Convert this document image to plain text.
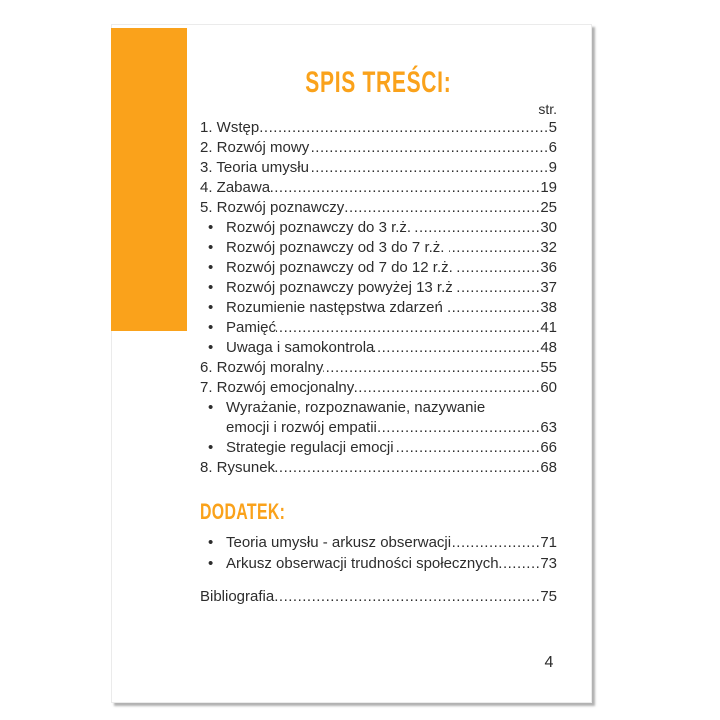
SPIS TREŚCI:
str.
1. Wstęp .....	5
2. Rozwój mowy .....	6
3. Teoria umysłu .....	9
4. Zabawa .....	19
5. Rozwój poznawczy .....	25
• Rozwój poznawczy do 3 r.ż. .....	30
• Rozwój poznawczy od 3 do 7 r.ż. .....	32
• Rozwój poznawczy od 7 do 12 r.ż. .....	36
• Rozwój poznawczy powyżej 13 r.ż .....	37
• Rozumienie następstwa zdarzeń .....	38
• Pamięć .....	41
• Uwaga i samokontrola .....	48
6. Rozwój moralny .....	55
7. Rozwój emocjonalny .....	60
• Wyrażanie, rozpoznawanie, nazywanie
emocji i rozwój empatii .....	63
• Strategie regulacji emocji .....	66
8. Rysunek .....	68
DODATEK:
• Teoria umysłu - arkusz obserwacji .....	71
• Arkusz obserwacji trudności społecznych .....	73
Bibliografia .....	75
4
